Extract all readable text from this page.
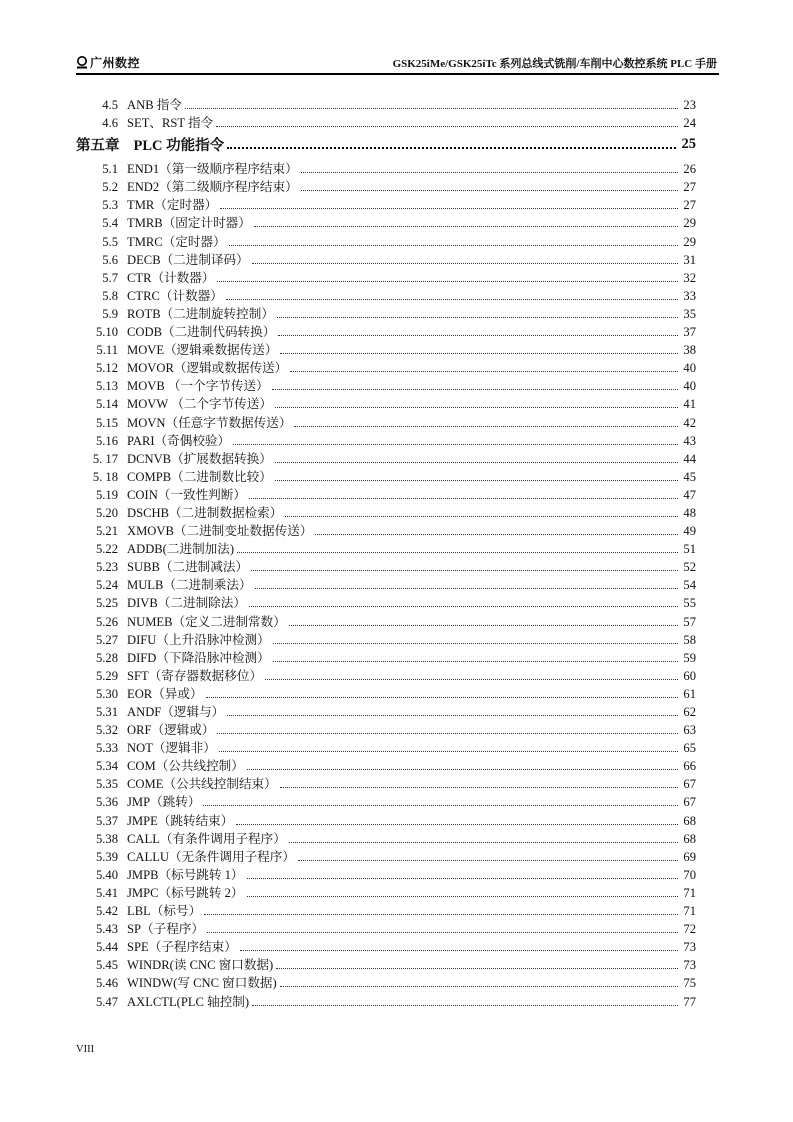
广州数控	GSK25iMe/GSK25iTc 系列总线式铣削/车削中心数控系统 PLC 手册
4.5 ANB 指令	23
4.6 SET、RST 指令	24
第五章 PLC 功能指令	25
5.1 END1（第一级顺序程序结束）	26
5.2 END2（第二级顺序程序结束）	27
5.3 TMR（定时器）	27
5.4 TMRB（固定计时器）	29
5.5 TMRC（定时器）	29
5.6 DECB（二进制译码）	31
5.7 CTR（计数器）	32
5.8 CTRC（计数器）	33
5.9 ROTB（二进制旋转控制）	35
5.10 CODB（二进制代码转换）	37
5.11 MOVE（逻辑乘数据传送）	38
5.12 MOVOR（逻辑或数据传送）	40
5.13 MOVB （一个字节传送）	40
5.14 MOVW （二个字节传送）	41
5.15 MOVN（任意字节数据传送）	42
5.16 PARI（奇偶校验）	43
5. 17 DCNVB（扩展数据转换）	44
5. 18 COMPB（二进制数比较）	45
5.19 COIN（一致性判断）	47
5.20 DSCHB（二进制数据检索）	48
5.21 XMOVB（二进制变址数据传送）	49
5.22 ADDB(二进制加法)	51
5.23 SUBB（二进制减法）	52
5.24 MULB（二进制乘法）	54
5.25 DIVB（二进制除法）	55
5.26 NUMEB（定义二进制常数）	57
5.27 DIFU（上升沿脉冲检测）	58
5.28 DIFD（下降沿脉冲检测）	59
5.29 SFT（寄存器数据移位）	60
5.30 EOR（异或）	61
5.31 ANDF（逻辑与）	62
5.32 ORF（逻辑或）	63
5.33 NOT（逻辑非）	65
5.34 COM（公共线控制）	66
5.35 COME（公共线控制结束）	67
5.36 JMP（跳转）	67
5.37 JMPE（跳转结束）	68
5.38 CALL（有条件调用子程序）	68
5.39 CALLU（无条件调用子程序）	69
5.40 JMPB（标号跳转 1）	70
5.41 JMPC（标号跳转 2）	71
5.42 LBL（标号）	71
5.43 SP（子程序）	72
5.44 SPE（子程序结束）	73
5.45 WINDR(读 CNC 窗口数据)	73
5.46 WINDW(写 CNC 窗口数据)	75
5.47 AXLCTL(PLC 轴控制)	77
VIII
